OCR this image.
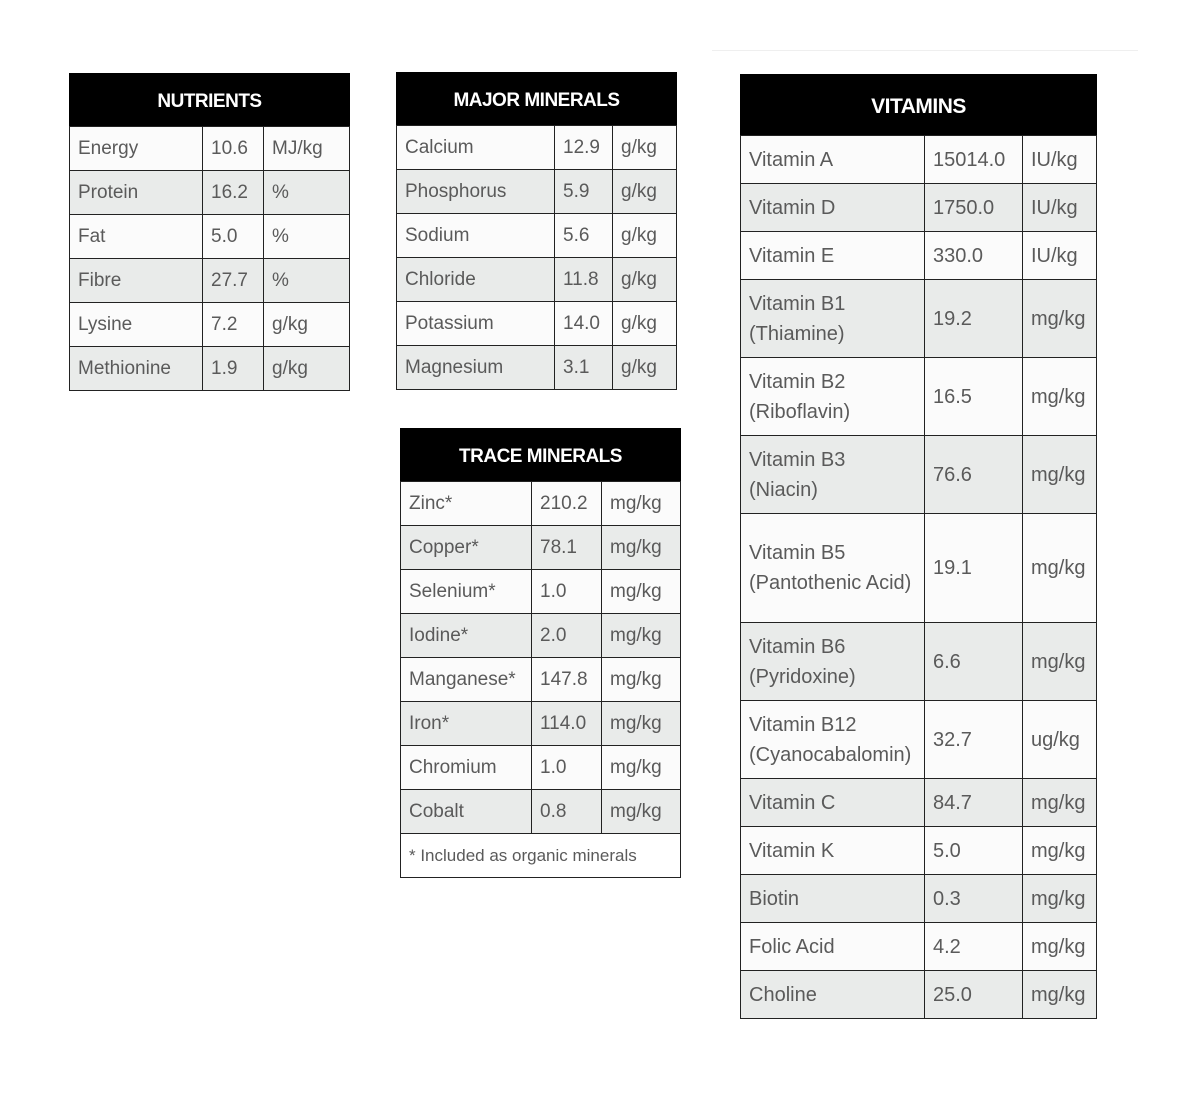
NUTRIENTS
Energy	10.6	MJ/kg
Protein	16.2	%
Fat	5.0	%
Fibre	27.7	%
Lysine	7.2	g/kg
Methionine	1.9	g/kg
MAJOR MINERALS
Calcium	12.9	g/kg
Phosphorus	5.9	g/kg
Sodium	5.6	g/kg
Chloride	11.8	g/kg
Potassium	14.0	g/kg
Magnesium	3.1	g/kg
TRACE MINERALS
Zinc*	210.2	mg/kg
Copper*	78.1	mg/kg
Selenium*	1.0	mg/kg
Iodine*	2.0	mg/kg
Manganese*	147.8	mg/kg
Iron*	114.0	mg/kg
Chromium	1.0	mg/kg
Cobalt	0.8	mg/kg
* Included as organic minerals		
VITAMINS
Vitamin A	15014.0	IU/kg
Vitamin D	1750.0	IU/kg
Vitamin E	330.0	IU/kg
Vitamin B1 (Thiamine)	19.2	mg/kg
Vitamin B2 (Riboflavin)	16.5	mg/kg
Vitamin B3 (Niacin)	76.6	mg/kg
Vitamin B5 (Pantothenic Acid)	19.1	mg/kg
Vitamin B6 (Pyridoxine)	6.6	mg/kg
Vitamin B12 (Cyanocabalomin)	32.7	ug/kg
Vitamin C	84.7	mg/kg
Vitamin K	5.0	mg/kg
Biotin	0.3	mg/kg
Folic Acid	4.2	mg/kg
Choline	25.0	mg/kg
